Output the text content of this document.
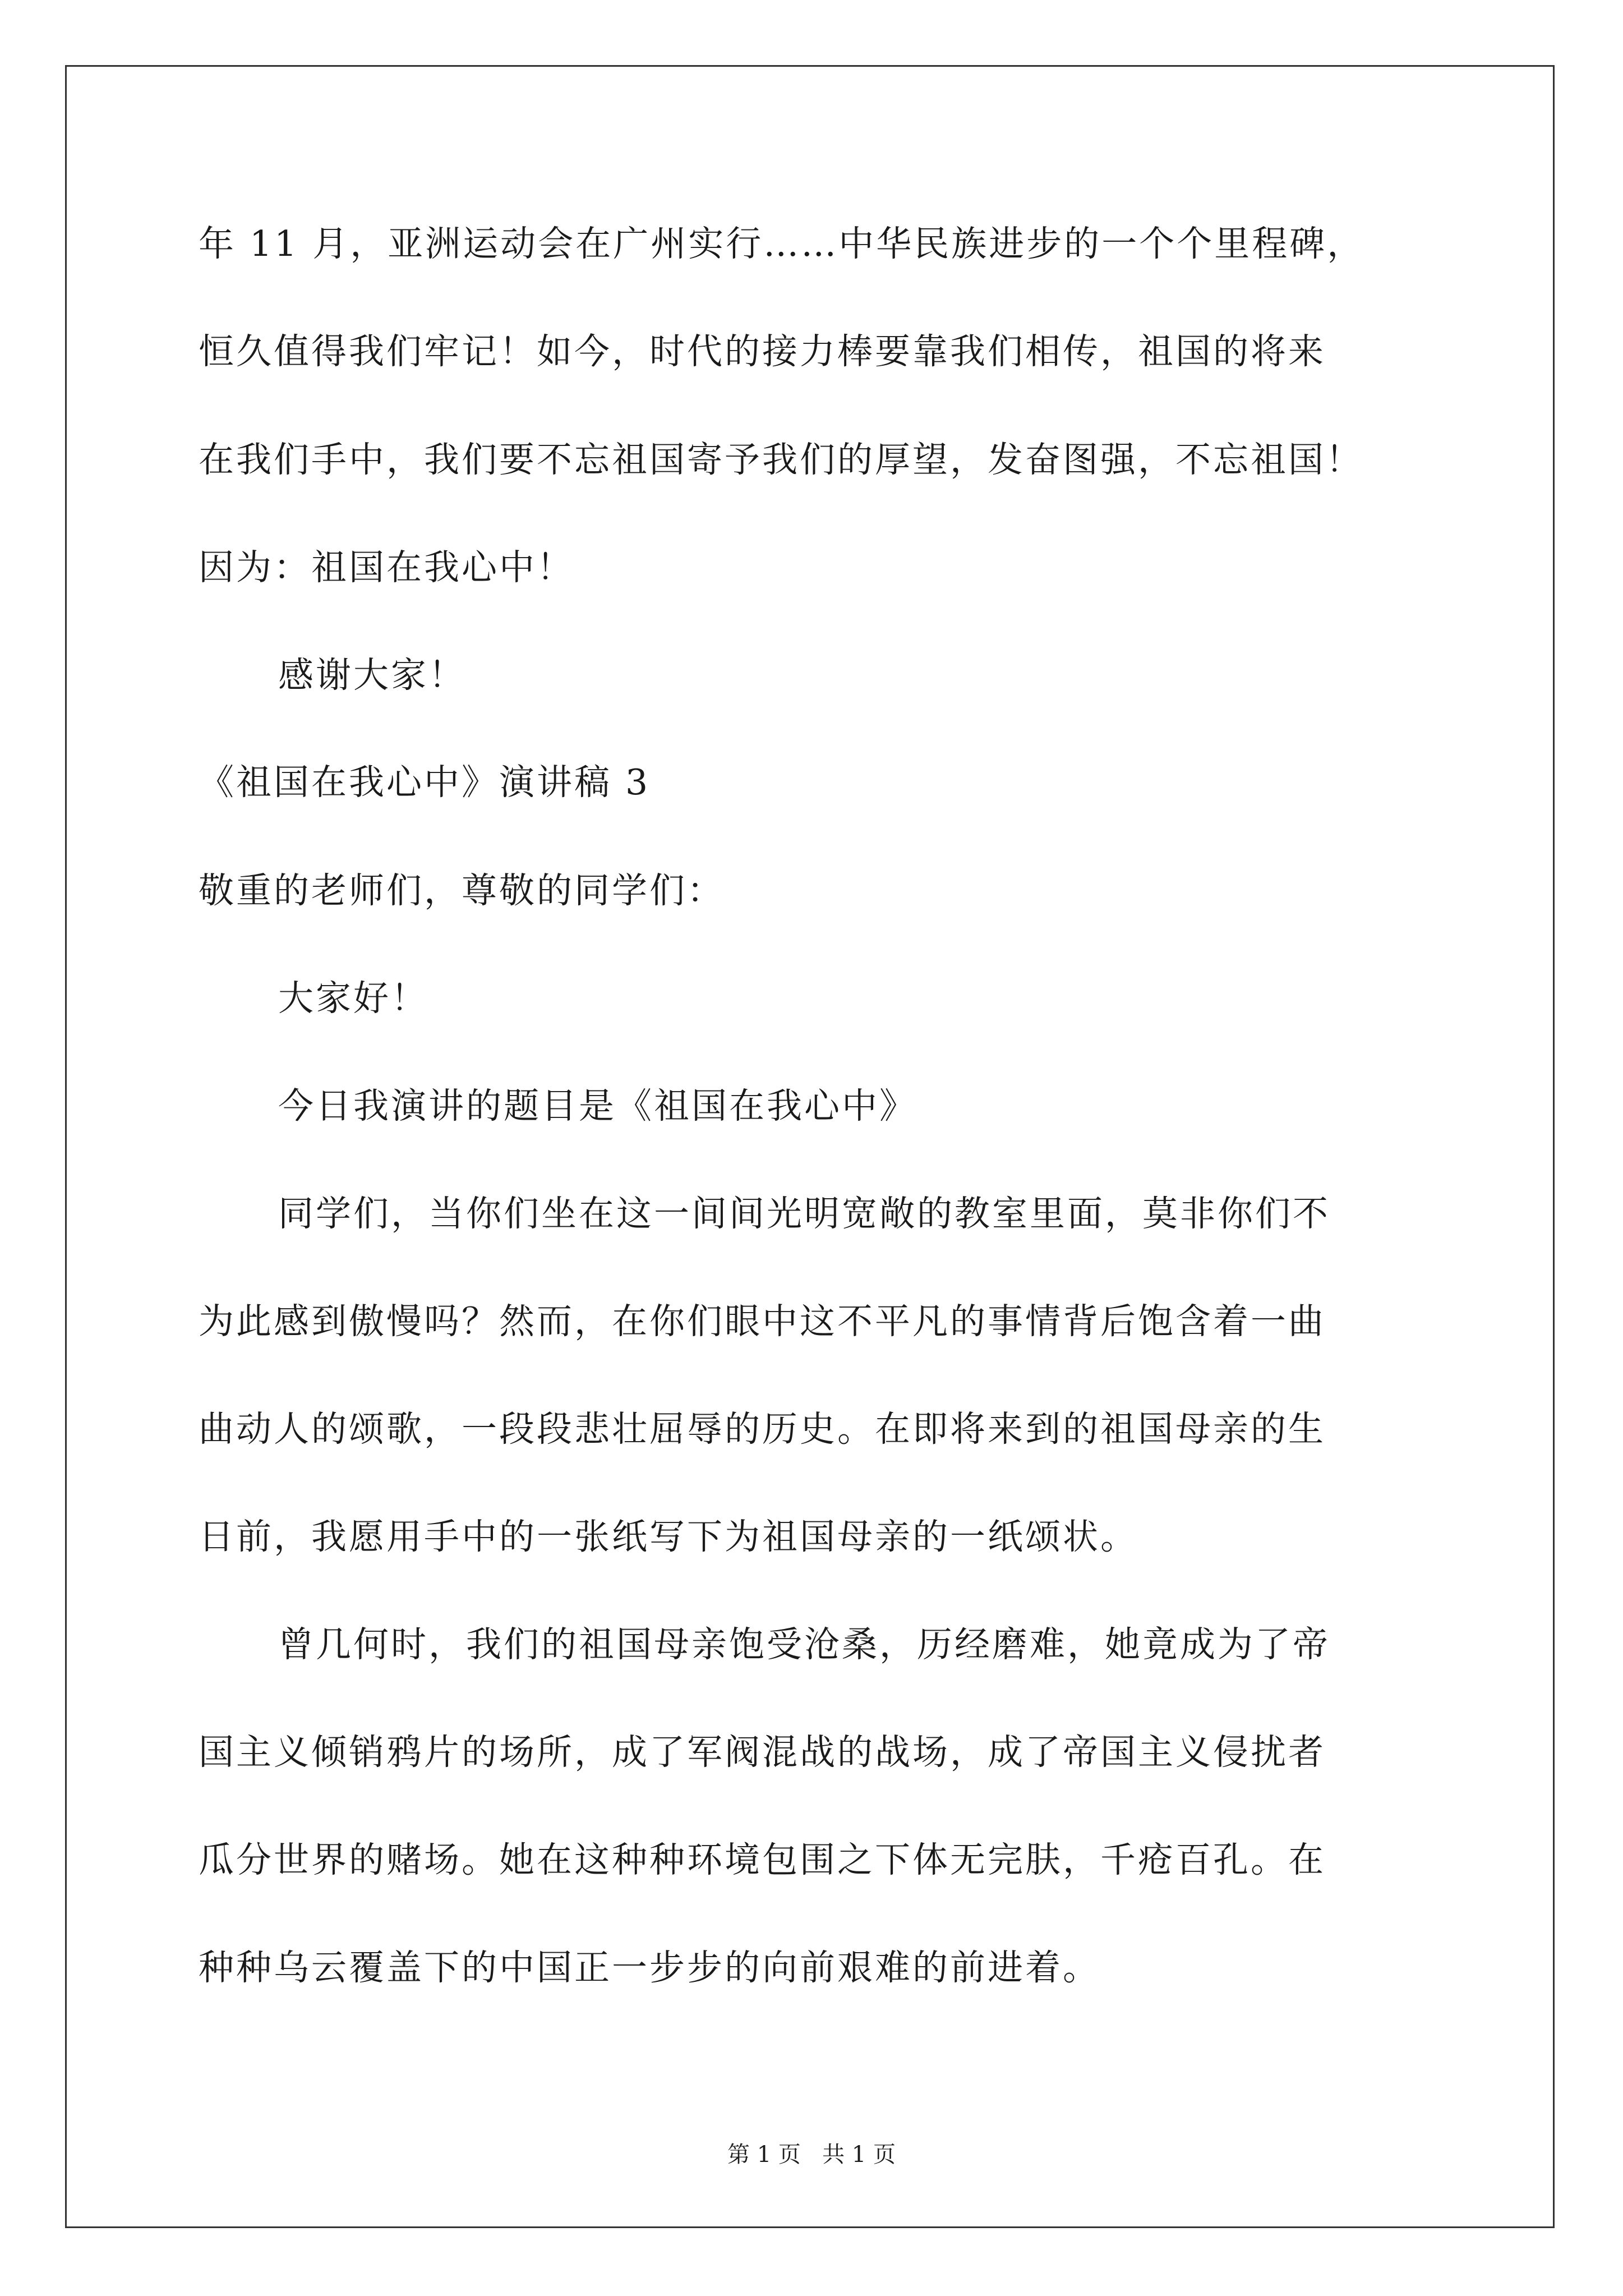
年 11 月，亚洲运动会在广州实行……中华民族进步的一个个里程碑，
恒久值得我们牢记！如今，时代的接力棒要靠我们相传，祖国的将来
在我们手中，我们要不忘祖国寄予我们的厚望，发奋图强，不忘祖国！
因为：祖国在我心中！
感谢大家！
《祖国在我心中》演讲稿 3
敬重的老师们，尊敬的同学们：
大家好！
今日我演讲的题目是《祖国在我心中》
同学们，当你们坐在这一间间光明宽敞的教室里面，莫非你们不
为此感到傲慢吗？然而，在你们眼中这不平凡的事情背后饱含着一曲
曲动人的颂歌，一段段悲壮屈辱的历史。在即将来到的祖国母亲的生
日前，我愿用手中的一张纸写下为祖国母亲的一纸颂状。
曾几何时，我们的祖国母亲饱受沧桑，历经磨难，她竟成为了帝
国主义倾销鸦片的场所，成了军阀混战的战场，成了帝国主义侵扰者
瓜分世界的赌场。她在这种种环境包围之下体无完肤，千疮百孔。在
种种乌云覆盖下的中国正一步步的向前艰难的前进着。
第 1 页   共 1 页
